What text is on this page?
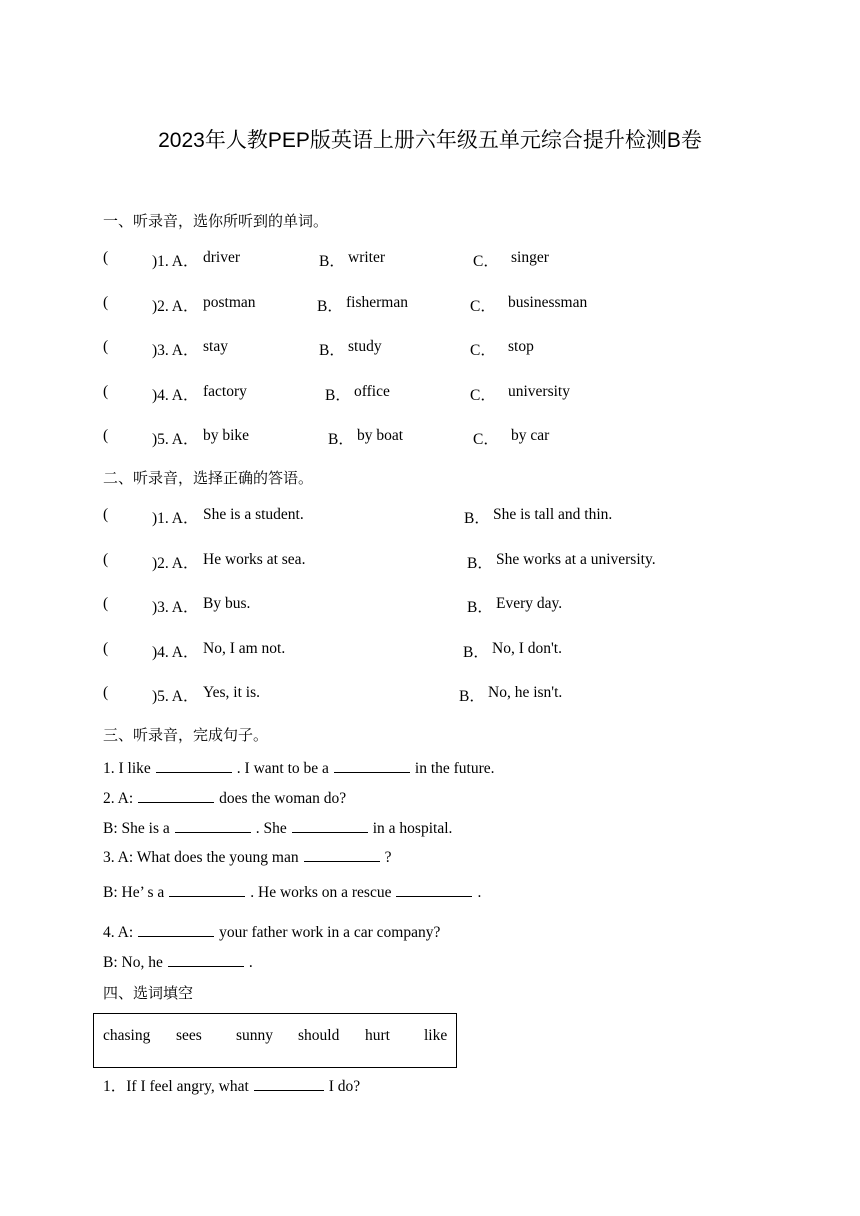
2023年人教PEP版英语上册六年级五单元综合提升检测B卷
一、听录音，选你所听到的单词。
(	)1. A． driver	B． writer	C． singer
(	)2. A． postman	B． fisherman	C． businessman
(	)3. A． stay	B． study	C． stop
(	)4. A． factory	B． office	C． university
(	)5. A． by bike	B． by boat	C． by car
二、听录音，选择正确的答语。
(	)1. A． She is a student.	B． She is tall and thin.
(	)2. A． He works at sea.	B． She works at a university.
(	)3. A． By bus.	B． Every day.
(	)4. A． No, I am not.	B． No, I don't.
(	)5. A． Yes, it is.	B． No, he isn't.
三、听录音，完成句子。
1. I like	. I want to be a	in the future.
2. A:	does the woman do?
B: She is a	. She	in a hospital.
3. A: What does the young man	?
B: He’ s a	. He works on a rescue	.
4. A:	your father work in a car company?
B: No, he	.
四、选词填空
chasing sees sunny should hurt like
1．If I feel angry, what	I do?
